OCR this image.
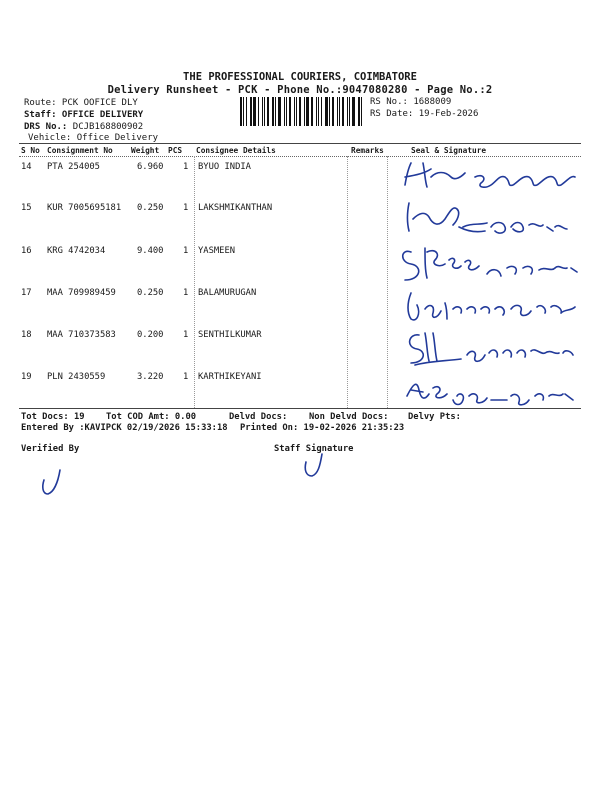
THE PROFESSIONAL COURIERS, COIMBATORE
Delivery Runsheet - PCK - Phone No.:9047080280 - Page No.:2
Route: PCK OOFICE DLY
Staff: OFFICE DELIVERY
DRS No.: DCJB168800902
Vehicle: Office Delivery
RS No.: 1688009
RS Date: 19-Feb-2026
S No Consignment No Weight PCS Consignee Details	Remarks	Seal & Signature
14 PTA 254005	6.960 1 BYUO INDIA
15 KUR 7005695181 0.250 1 LAKSHMIKANTHAN
16 KRG 4742034	9.400 1 YASMEEN
17 MAA 709989459 0.250 1 BALAMURUGAN
18 MAA 710373583 0.200 1 SENTHILKUMAR
19 PLN 2430559	3.220 1 KARTHIKEYANI
Tot Docs: 19 Tot COD Amt: 0.00	Delvd Docs: Non Delvd Docs: Delvy Pts:
Entered By :KAVIPCK 02/19/2026 15:33:18 Printed On: 19-02-2026 21:35:23
Verified By	Staff Signature
